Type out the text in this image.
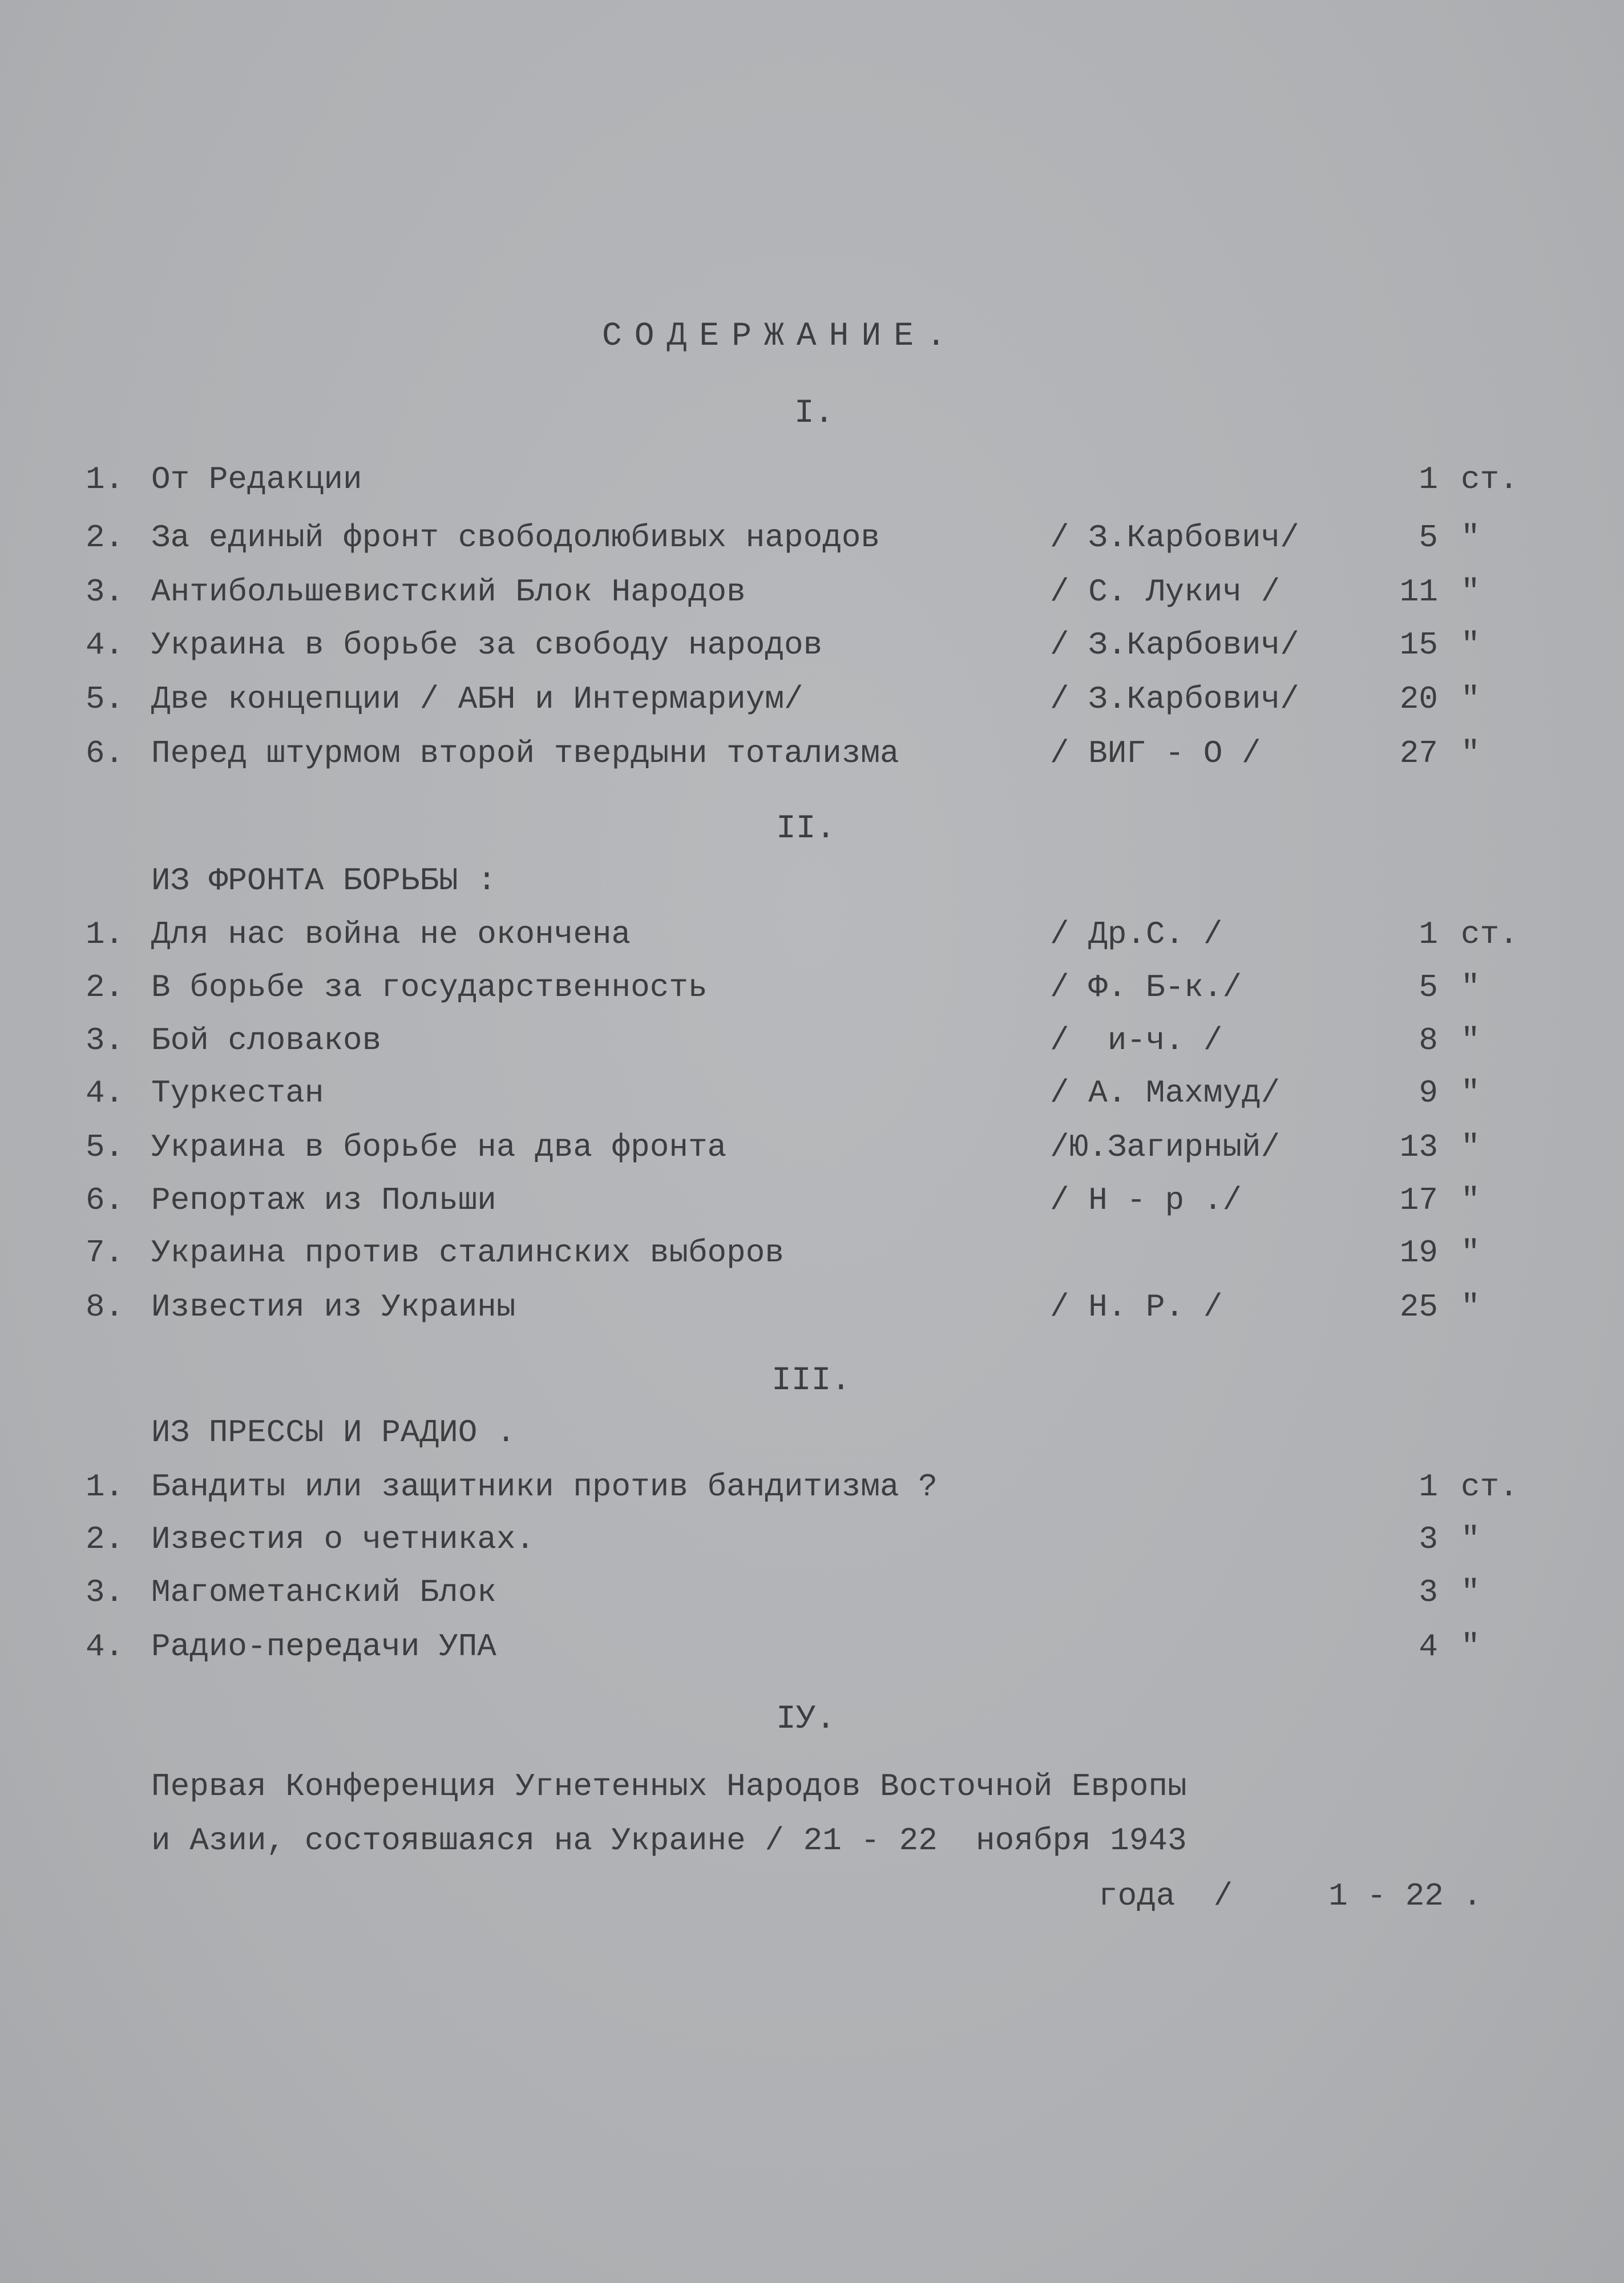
СОДЕРЖАНИЕ.
I.
1. От Редакции	1 ст.
2. За единый фронт свободолюбивых народов	/ З.Карбович/	5 "
3. Антибольшевистский Блок Народов	/ С. Лукич /	11 "
4. Украина в борьбе за свободу народов	/ З.Карбович/	15 "
5. Две концепции / АБН и Интермариум/	/ З.Карбович/	20 "
6. Перед штурмом второй твердыни тотализма	/ ВИГ - О /	27 "
II.
ИЗ ФРОНТА БОРЬБЫ :
1. Для нас война не окончена	/ Др.С. /	1 ст.
2. В борьбе за государственность	/ Ф. Б-к./	5 "
3. Бой словаков	/  и-ч. /	8 "
4. Туркестан	/ А. Махмуд/	9 "
5. Украина в борьбе на два фронта	/Ю.Загирный/	13 "
6. Репортаж из Польши	/ Н - р ./	17 "
7. Украина против сталинских выборов	19 "
8. Известия из Украины	/ Н. Р. /	25 "
III.
ИЗ ПРЕССЫ И РАДИО .
1. Бандиты или защитники против бандитизма ?	1 ст.
2. Известия о четниках.	3 "
3. Магометанский Блок	3 "
4. Радио-передачи УПА	4 "
IУ.
Первая Конференция Угнетенных Народов Восточной Европы
и Азии, состоявшаяся на Украине / 21 - 22  ноября 1943
года  /     1 - 22 .
